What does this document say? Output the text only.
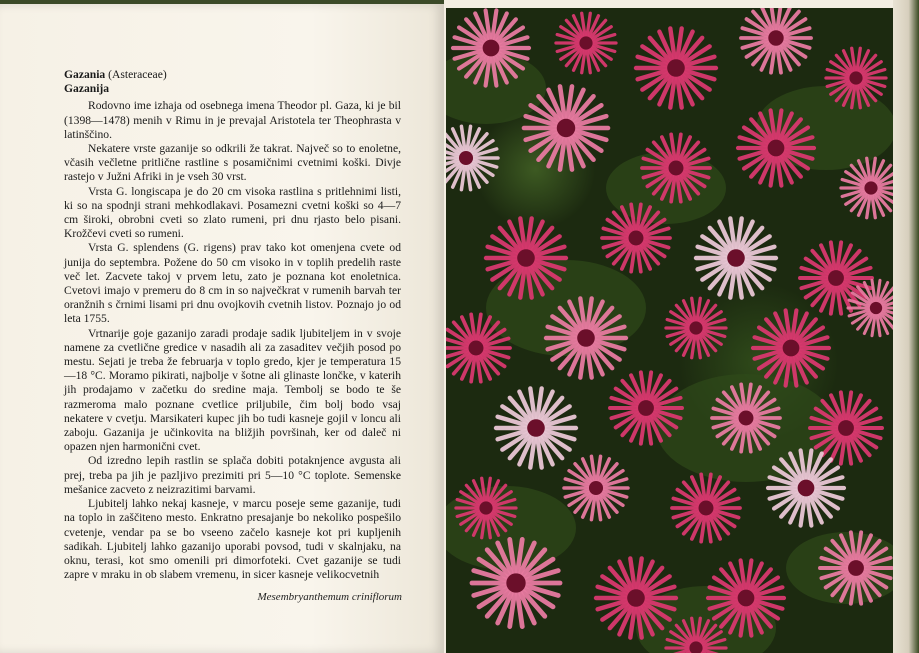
Gazania (Asteraceae)

Gazanija

Rodovno ime izhaja od osebnega imena Theodor pl. Gaza, ki je bil (1398—1478) menih v Rimu in je prevajal Aristotela ter Theophrasta v latinščino.

Nekatere vrste gazanije so odkrili že takrat. Največ so to enoletne, včasih večletne pritlične rastline s posamičnimi cvetnimi koški. Divje rastejo v Južni Afriki in je vseh 30 vrst.

Vrsta G. longiscapa je do 20 cm visoka rastlina s pritlehnimi listi, ki so na spodnji strani mehkodlakavi. Posamezni cvetni koški so 4—7 cm široki, obrobni cveti so zlato rumeni, pri dnu rjasto belo pisani. Krožčevi cveti so rumeni.

Vrsta G. splendens (G. rigens) prav tako kot omenjena cvete od junija do septembra. Požene do 50 cm visoko in v toplih predelih raste več let. Zacvete takoj v prvem letu, zato je poznana kot enoletnica. Cvetovi imajo v premeru do 8 cm in so največkrat v rumenih barvah ter oranžnih s črnimi lisami pri dnu ovojkovih cvetnih listov. Poznajo jo od leta 1755.

Vrtnarije goje gazanijo zaradi prodaje sadik ljubiteljem in v svoje namene za cvetlične gredice v nasadih ali za zasaditev večjih posod po mestu. Sejati je treba že februarja v toplo gredo, kjer je temperatura 15—18 °C. Moramo pikirati, najbolje v šotne ali glinaste lončke, v katerih jih prodajamo v začetku do sredine maja. Tembolj se bodo te še razmeroma malo poznane cvetlice priljubile, čim bolj bodo vsaj nekatere v cvetju. Marsikateri kupec jih bo tudi kasneje gojil v loncu ali zaboju. Gazanija je učinkovita na bližjih površinah, ker od daleč ni opazen njen harmonični cvet.

Od izredno lepih rastlin se splača dobiti potaknjence avgusta ali prej, treba pa jih je pazljivo prezimiti pri 5—10 °C toplote. Semenske mešanice zacveto z neizrazitimi barvami.

Ljubitelj lahko nekaj kasneje, v marcu poseje seme gazanije, tudi na toplo in zaščiteno mesto. Enkratno presajanje bo nekoliko pospešilo cvetenje, vendar pa se bo vseeno začelo kasneje kot pri kupljenih sadikah. Ljubitelj lahko gazanijo uporabi povsod, tudi v skalnjaku, na oknu, terasi, kot smo omenili pri dimorfoteki. Cvet gazanije se tudi zapre v mraku in ob slabem vremenu, in sicer kasneje velikocvetnih

Mesembryanthemum criniflorum
